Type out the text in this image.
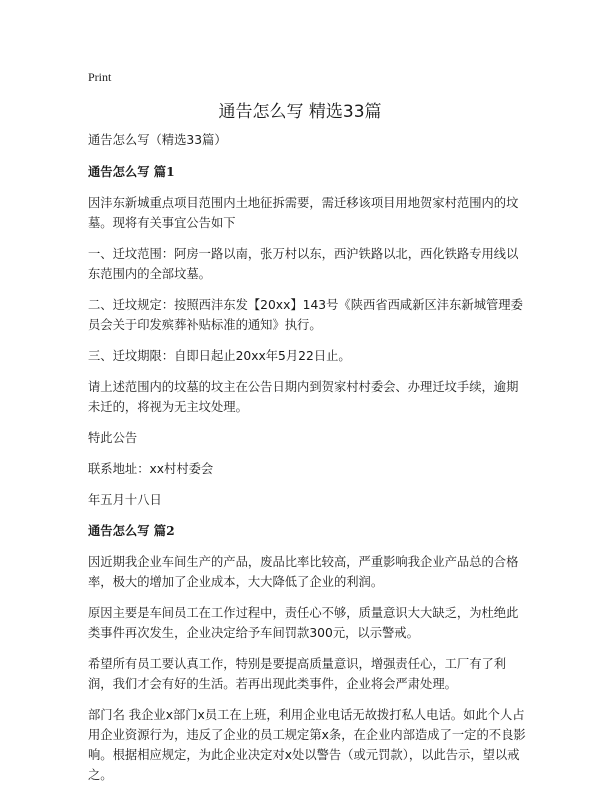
Print
通告怎么写 精选33篇

通告怎么写（精选33篇）

通告怎么写 篇1

因沣东新城重点项目范围内土地征拆需要，需迁移该项目用地贺家村范围内的坟墓。现将有关事宜公告如下

一、迁坟范围：阿房一路以南，张万村以东，西沪铁路以北，西化铁路专用线以东范围内的全部坟墓。

二、迁坟规定：按照西沣东发【20xx】143号《陕西省西咸新区沣东新城管理委员会关于印发殡葬补贴标准的通知》执行。

三、迁坟期限：自即日起止20xx年5月22日止。

请上述范围内的坟墓的坟主在公告日期内到贺家村村委会、办理迁坟手续，逾期未迁的，将视为无主坟处理。

特此公告

联系地址：xx村村委会

年五月十八日

通告怎么写 篇2

因近期我企业车间生产的产品，废品比率比较高，严重影响我企业产品总的合格率，极大的增加了企业成本，大大降低了企业的利润。

原因主要是车间员工在工作过程中，责任心不够，质量意识大大缺乏，为杜绝此类事件再次发生，企业决定给予车间罚款300元，以示警戒。

希望所有员工要认真工作，特别是要提高质量意识，增强责任心，工厂有了利润，我们才会有好的生活。若再出现此类事件，企业将会严肃处理。

部门名 我企业x部门x员工在上班，利用企业电话无故拨打私人电话。如此个人占用企业资源行为，违反了企业的员工规定第x条，在企业内部造成了一定的不良影响。根据相应规定，为此企业决定对x处以警告（或元罚款），以此告示，望以戒之。
